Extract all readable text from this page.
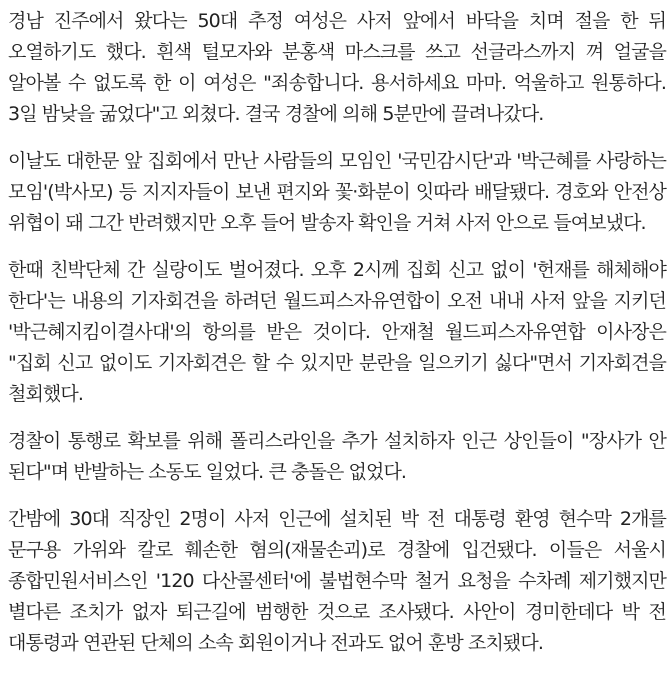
경남 진주에서 왔다는 50대 추정 여성은 사저 앞에서 바닥을 치며 절을 한 뒤 오열하기도 했다. 흰색 털모자와 분홍색 마스크를 쓰고 선글라스까지 껴 얼굴을 알아볼 수 없도록 한 이 여성은 "죄송합니다. 용서하세요 마마. 억울하고 원통하다. 3일 밤낮을 굶었다"고 외쳤다. 결국 경찰에 의해 5분만에 끌려나갔다.

이날도 대한문 앞 집회에서 만난 사람들의 모임인 '국민감시단'과 '박근혜를 사랑하는 모임'(박사모) 등 지지자들이 보낸 편지와 꽃·화분이 잇따라 배달됐다. 경호와 안전상 위협이 돼 그간 반려했지만 오후 들어 발송자 확인을 거쳐 사저 안으로 들여보냈다.

한때 친박단체 간 실랑이도 벌어졌다. 오후 2시께 집회 신고 없이 '헌재를 해체해야 한다'는 내용의 기자회견을 하려던 월드피스자유연합이 오전 내내 사저 앞을 지키던 '박근혜지킴이결사대'의 항의를 받은 것이다. 안재철 월드피스자유연합 이사장은 "집회 신고 없이도 기자회견은 할 수 있지만 분란을 일으키기 싫다"면서 기자회견을 철회했다.

경찰이 통행로 확보를 위해 폴리스라인을 추가 설치하자 인근 상인들이 "장사가 안 된다"며 반발하는 소동도 일었다. 큰 충돌은 없었다.

간밤에 30대 직장인 2명이 사저 인근에 설치된 박 전 대통령 환영 현수막 2개를 문구용 가위와 칼로 훼손한 혐의(재물손괴)로 경찰에 입건됐다. 이들은 서울시 종합민원서비스인 '120 다산콜센터'에 불법현수막 철거 요청을 수차례 제기했지만 별다른 조치가 없자 퇴근길에 범행한 것으로 조사됐다. 사안이 경미한데다 박 전 대통령과 연관된 단체의 소속 회원이거나 전과도 없어 훈방 조치됐다.
